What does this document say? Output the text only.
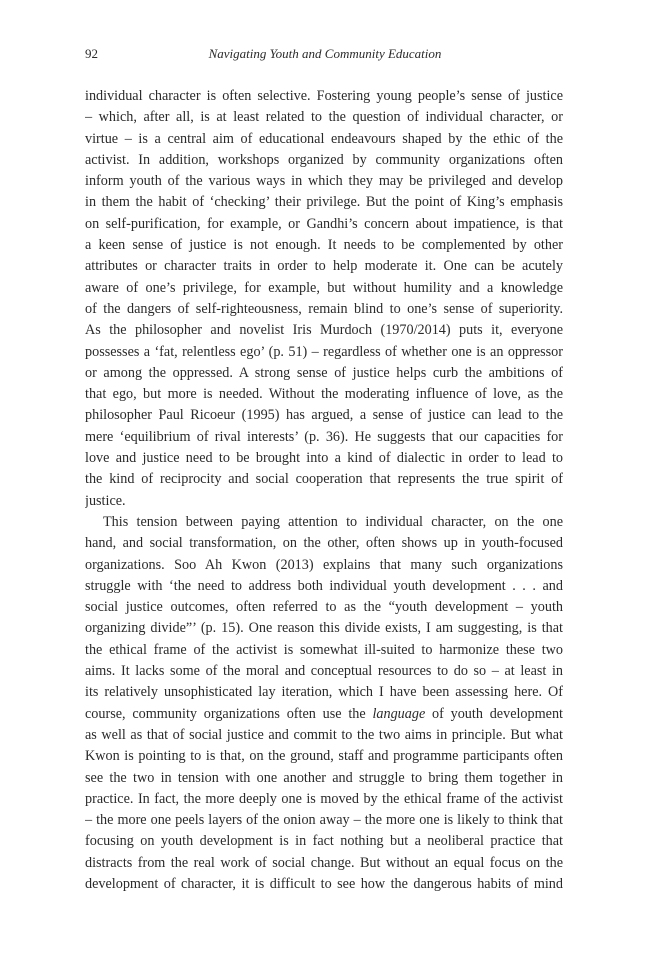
92	Navigating Youth and Community Education
individual character is often selective. Fostering young people’s sense of justice
– which, after all, is at least related to the question of individual character, or
virtue – is a central aim of educational endeavours shaped by the ethic of the
activist. In addition, workshops organized by community organizations often
inform youth of the various ways in which they may be privileged and develop
in them the habit of ‘checking’ their privilege. But the point of King’s emphasis
on self-purification, for example, or Gandhi’s concern about impatience, is that
a keen sense of justice is not enough. It needs to be complemented by other
attributes or character traits in order to help moderate it. One can be acutely
aware of one’s privilege, for example, but without humility and a knowledge
of the dangers of self-righteousness, remain blind to one’s sense of superiority.
As the philosopher and novelist Iris Murdoch (1970/2014) puts it, everyone
possesses a ‘fat, relentless ego’ (p. 51) – regardless of whether one is an oppressor
or among the oppressed. A strong sense of justice helps curb the ambitions of
that ego, but more is needed. Without the moderating influence of love, as the
philosopher Paul Ricoeur (1995) has argued, a sense of justice can lead to the
mere ‘equilibrium of rival interests’ (p. 36). He suggests that our capacities for
love and justice need to be brought into a kind of dialectic in order to lead to
the kind of reciprocity and social cooperation that represents the true spirit of
justice.
This tension between paying attention to individual character, on the one
hand, and social transformation, on the other, often shows up in youth-focused
organizations. Soo Ah Kwon (2013) explains that many such organizations
struggle with ‘the need to address both individual youth development . . . and
social justice outcomes, often referred to as the “youth development – youth
organizing divide”’ (p. 15). One reason this divide exists, I am suggesting, is that
the ethical frame of the activist is somewhat ill-suited to harmonize these two
aims. It lacks some of the moral and conceptual resources to do so – at least in
its relatively unsophisticated lay iteration, which I have been assessing here. Of
course, community organizations often use the language of youth development
as well as that of social justice and commit to the two aims in principle. But what
Kwon is pointing to is that, on the ground, staff and programme participants often
see the two in tension with one another and struggle to bring them together in
practice. In fact, the more deeply one is moved by the ethical frame of the activist
– the more one peels layers of the onion away – the more one is likely to think that
focusing on youth development is in fact nothing but a neoliberal practice that
distracts from the real work of social change. But without an equal focus on the
development of character, it is difficult to see how the dangerous habits of mind
